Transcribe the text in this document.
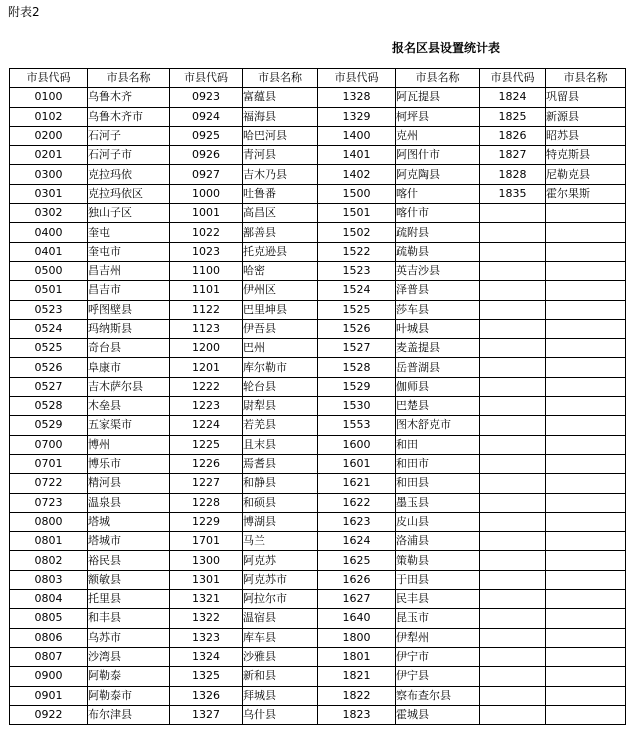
附表2
报名区县设置统计表
市县代码	市县名称	市县代码	市县名称	市县代码	市县名称	市县代码	市县名称
0100	乌鲁木齐	0923	富蕴县	1328	阿瓦提县	1824	巩留县
0102	乌鲁木齐市	0924	福海县	1329	柯坪县	1825	新源县
0200	石河子	0925	哈巴河县	1400	克州	1826	昭苏县
0201	石河子市	0926	青河县	1401	阿图什市	1827	特克斯县
0300	克拉玛依	0927	吉木乃县	1402	阿克陶县	1828	尼勒克县
0301	克拉玛依区	1000	吐鲁番	1500	喀什	1835	霍尔果斯
0302	独山子区	1001	高昌区	1501	喀什市		
0400	奎屯	1022	鄯善县	1502	疏附县		
0401	奎屯市	1023	托克逊县	1522	疏勒县		
0500	昌吉州	1100	哈密	1523	英吉沙县		
0501	昌吉市	1101	伊州区	1524	泽普县		
0523	呼图壁县	1122	巴里坤县	1525	莎车县		
0524	玛纳斯县	1123	伊吾县	1526	叶城县		
0525	奇台县	1200	巴州	1527	麦盖提县		
0526	阜康市	1201	库尔勒市	1528	岳普湖县		
0527	吉木萨尔县	1222	轮台县	1529	伽师县		
0528	木垒县	1223	尉犁县	1530	巴楚县		
0529	五家渠市	1224	若羌县	1553	图木舒克市		
0700	博州	1225	且末县	1600	和田		
0701	博乐市	1226	焉耆县	1601	和田市		
0722	精河县	1227	和静县	1621	和田县		
0723	温泉县	1228	和硕县	1622	墨玉县		
0800	塔城	1229	博湖县	1623	皮山县		
0801	塔城市	1701	马兰	1624	洛浦县		
0802	裕民县	1300	阿克苏	1625	策勒县		
0803	额敏县	1301	阿克苏市	1626	于田县		
0804	托里县	1321	阿拉尔市	1627	民丰县		
0805	和丰县	1322	温宿县	1640	昆玉市		
0806	乌苏市	1323	库车县	1800	伊犁州		
0807	沙湾县	1324	沙雅县	1801	伊宁市		
0900	阿勒泰	1325	新和县	1821	伊宁县		
0901	阿勒泰市	1326	拜城县	1822	察布查尔县		
0922	布尔津县	1327	乌什县	1823	霍城县		
